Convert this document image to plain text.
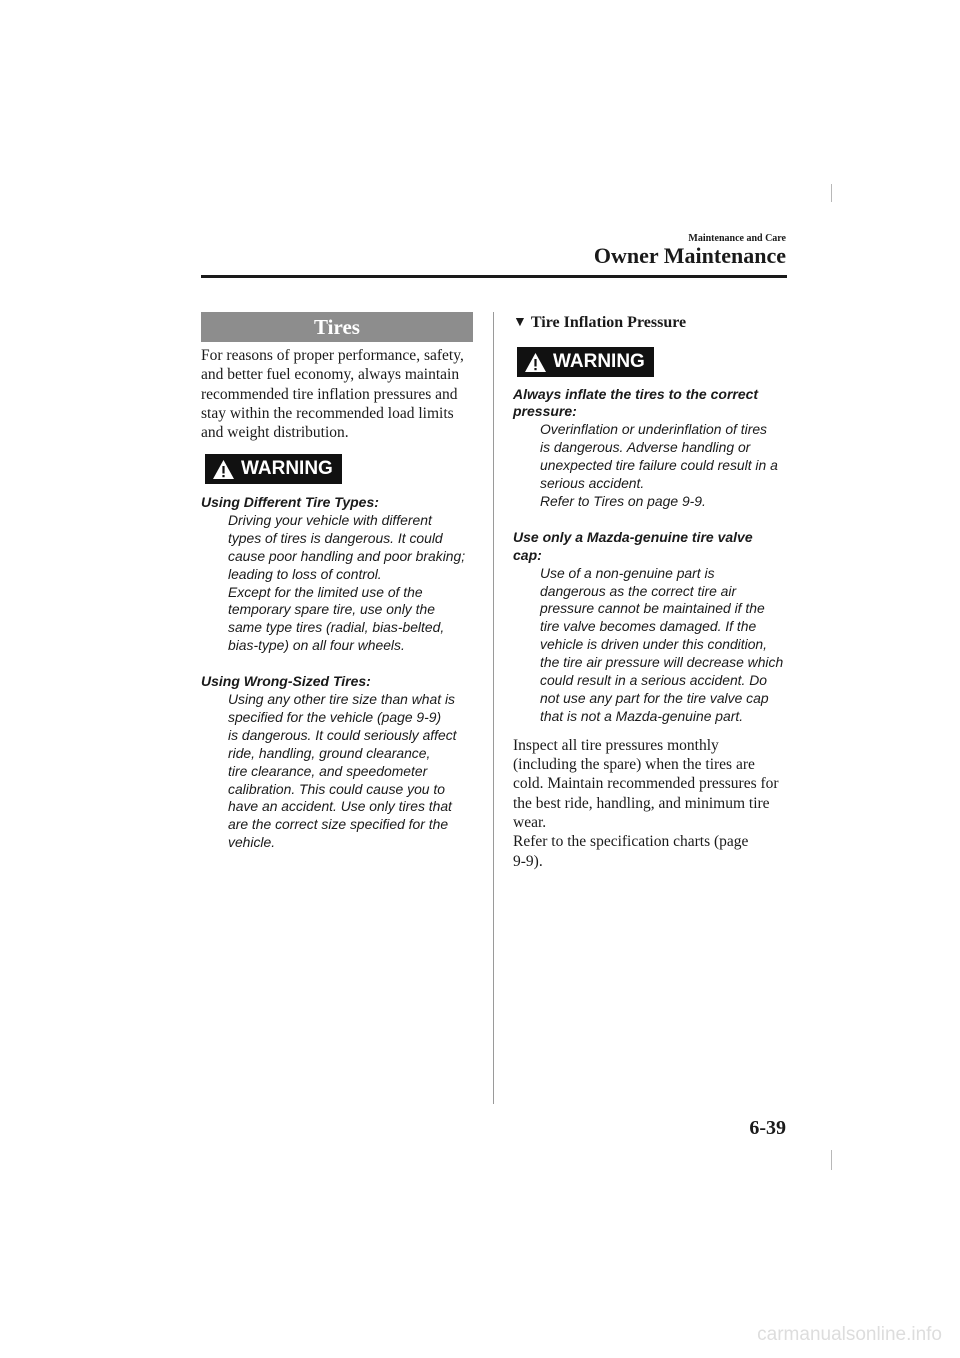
Maintenance and Care
Owner Maintenance
Tires

For reasons of proper performance, safety, and better fuel economy, always maintain recommended tire inflation pressures and stay within the recommended load limits and weight distribution.

WARNING

Using Different Tire Types:

Driving your vehicle with different
types of tires is dangerous. It could
cause poor handling and poor braking;
leading to loss of control.
Except for the limited use of the
temporary spare tire, use only the
same type tires (radial, bias-belted,
bias-type) on all four wheels.

Using Wrong-Sized Tires:

Using any other tire size than what is
specified for the vehicle (page 9-9)
is dangerous. It could seriously affect
ride, handling, ground clearance,
tire clearance, and speedometer
calibration. This could cause you to
have an accident. Use only tires that
are the correct size specified for the
vehicle.

▼ Tire Inflation Pressure

WARNING

Always inflate the tires to the correct
pressure:

Overinflation or underinflation of tires
is dangerous. Adverse handling or
unexpected tire failure could result in a
serious accident.
Refer to Tires on page 9-9.

Use only a Mazda-genuine tire valve
cap:

Use of a non-genuine part is
dangerous as the correct tire air
pressure cannot be maintained if the
tire valve becomes damaged. If the
vehicle is driven under this condition,
the tire air pressure will decrease which
could result in a serious accident. Do
not use any part for the tire valve cap
that is not a Mazda-genuine part.
Inspect all tire pressures monthly
(including the spare) when the tires are
cold. Maintain recommended pressures for
the best ride, handling, and minimum tire
wear.
Refer to the specification charts (page
9-9).
6-39
carmanualsonline.info
